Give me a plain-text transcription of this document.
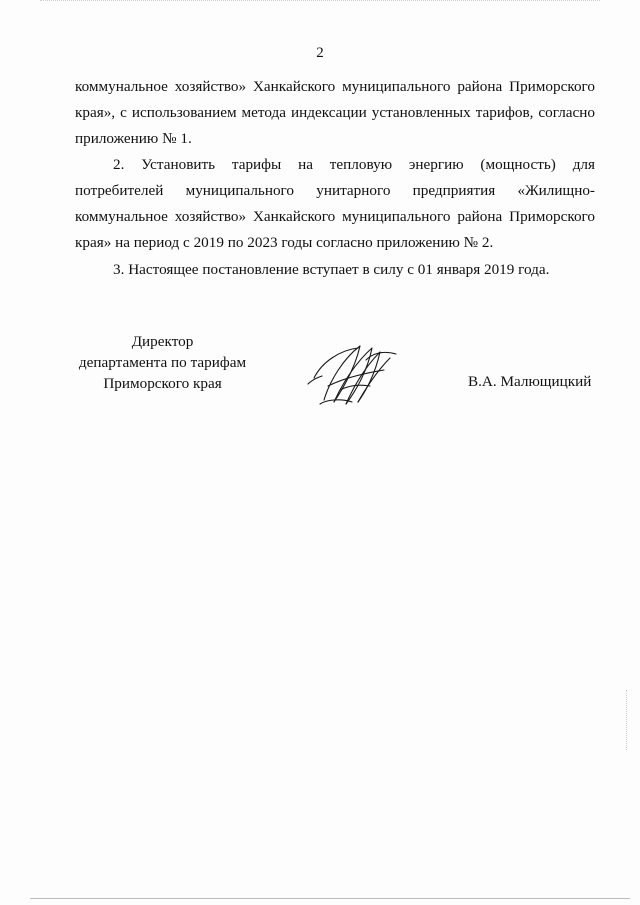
2
коммунальное хозяйство» Ханкайского муниципального района Приморского
края», с использованием метода индексации установленных тарифов, согласно
приложению № 1.
2. Установить тарифы на тепловую энергию (мощность) для
потребителей муниципального унитарного предприятия «Жилищно-
коммунальное хозяйство» Ханкайского муниципального района Приморского
края» на период с 2019 по 2023 годы согласно приложению № 2.
3. Настоящее постановление вступает в силу с 01 января 2019 года.
Директор
департамента по тарифам
Приморского края	В.А. Малющицкий
